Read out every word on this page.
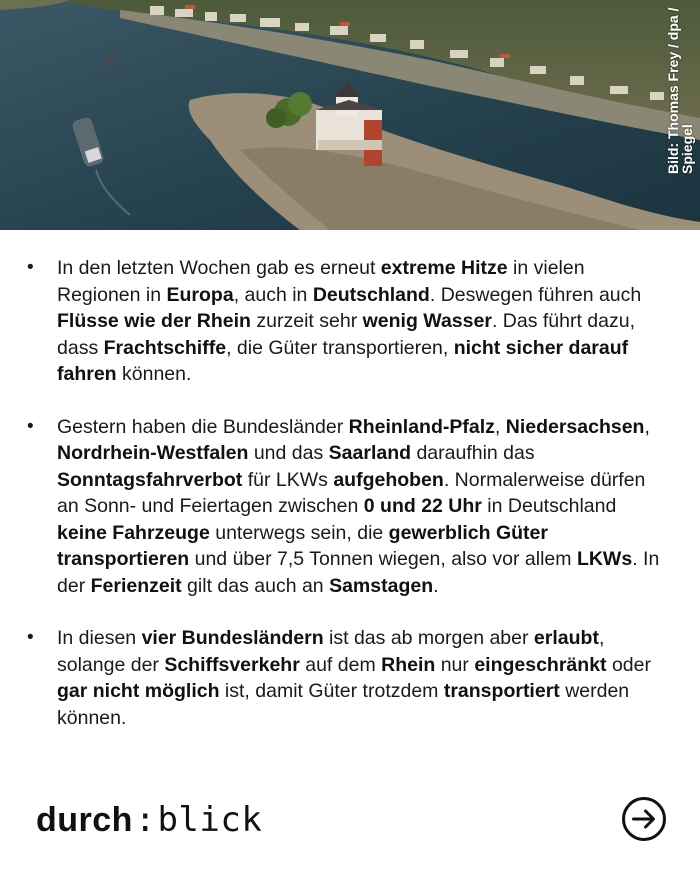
Bild: Thomas Frey / dpa / Spiegel
• In den letzten Wochen gab es erneut extreme Hitze in vielen Regionen in Europa, auch in Deutschland. Deswegen führen auch Flüsse wie der Rhein zurzeit sehr wenig Wasser. Das führt dazu, dass Frachtschiffe, die Güter transportieren, nicht sicher darauf fahren können.
• Gestern haben die Bundesländer Rheinland-Pfalz, Niedersachsen, Nordrhein-Westfalen und das Saarland daraufhin das Sonntagsfahrverbot für LKWs aufgehoben. Normalerweise dürfen an Sonn- und Feiertagen zwischen 0 und 22 Uhr in Deutschland keine Fahrzeuge unterwegs sein, die gewerblich Güter transportieren und über 7,5 Tonnen wiegen, also vor allem LKWs. In der Ferienzeit gilt das auch an Samstagen.
• In diesen vier Bundesländern ist das ab morgen aber erlaubt, solange der Schiffsverkehr auf dem Rhein nur eingeschränkt oder gar nicht möglich ist, damit Güter trotzdem transportiert werden können.
durch:blick
